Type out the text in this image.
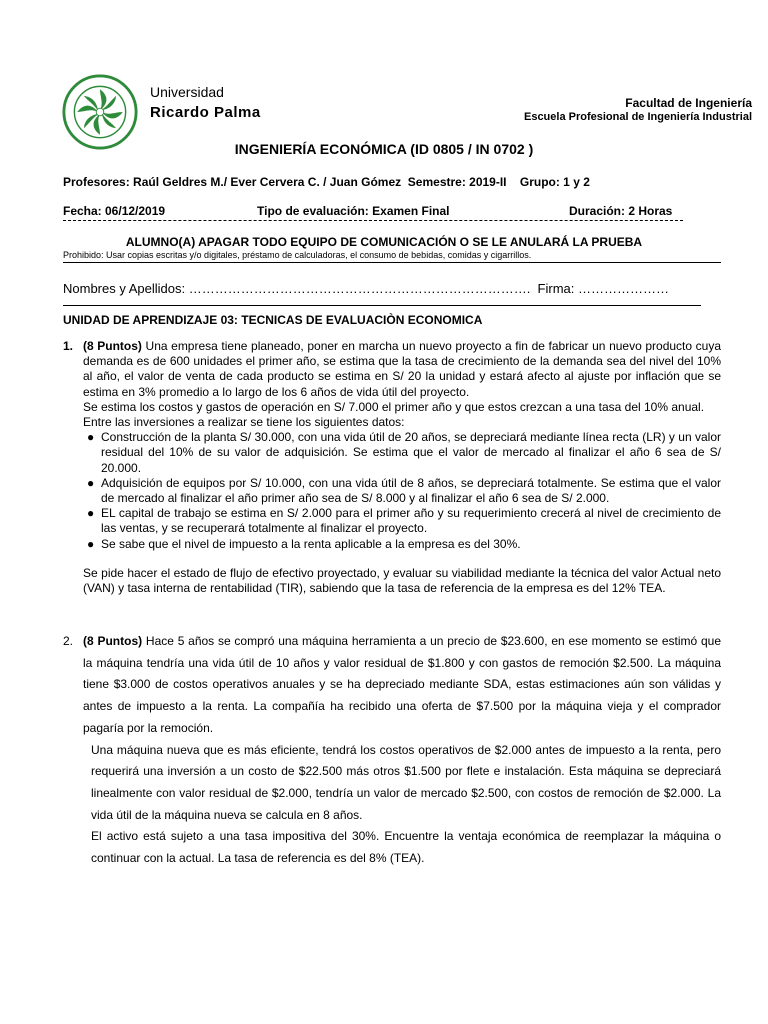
Universidad
Ricardo Palma
Facultad de Ingeniería
Escuela Profesional de Ingeniería Industrial
INGENIERÍA ECONÓMICA (ID 0805 / IN 0702 )
Profesores: Raúl Geldres M./ Ever Cervera C. / Juan Gómez  Semestre: 2019-II    Grupo: 1 y 2
Fecha: 06/12/2019	Tipo de evaluación: Examen Final	Duración: 2 Horas
ALUMNO(A) APAGAR TODO EQUIPO DE COMUNICACIÓN O SE LE ANULARÁ LA PRUEBA
Prohibido: Usar copias escritas y/o digitales, préstamo de calculadoras, el consumo de bebidas, comidas y cigarrillos.
Nombres y Apellidos: …………………………………………………………………….  Firma: …………………
UNIDAD DE APRENDIZAJE 03: TECNICAS DE EVALUACIÒN ECONOMICA
1. (8 Puntos) Una empresa tiene planeado, poner en marcha un nuevo proyecto a fin de fabricar un nuevo producto cuya demanda es de 600 unidades el primer año, se estima que la tasa de crecimiento de la demanda sea del nivel del 10% al año, el valor de venta de cada producto se estima en S/ 20 la unidad y estará afecto al ajuste por inflación que se estima en 3% promedio a lo largo de los 6 años de vida útil del proyecto.
Se estima los costos y gastos de operación en S/ 7.000 el primer año y que estos crezcan a una tasa del 10% anual.
Entre las inversiones a realizar se tiene los siguientes datos:
● Construcción de la planta S/ 30.000, con una vida útil de 20 años, se depreciará mediante línea recta (LR) y un valor residual del 10% de su valor de adquisición. Se estima que el valor de mercado al finalizar el año 6 sea de S/ 20.000.
● Adquisición de equipos por S/ 10.000, con una vida útil de 8 años, se depreciará totalmente. Se estima que el valor de mercado al finalizar el año primer año sea de S/ 8.000 y al finalizar el año 6 sea de S/ 2.000.
● EL capital de trabajo se estima en S/ 2.000 para el primer año y su requerimiento crecerá al nivel de crecimiento de las ventas, y se recuperará totalmente al finalizar el proyecto.
● Se sabe que el nivel de impuesto a la renta aplicable a la empresa es del 30%.
Se pide hacer el estado de flujo de efectivo proyectado, y evaluar su viabilidad mediante la técnica del valor Actual neto (VAN) y tasa interna de rentabilidad (TIR), sabiendo que la tasa de referencia de la empresa es del 12% TEA.
2. (8 Puntos) Hace 5 años se compró una máquina herramienta a un precio de $23.600, en ese momento se estimó que la máquina tendría una vida útil de 10 años y valor residual de $1.800 y con gastos de remoción $2.500. La máquina tiene $3.000 de costos operativos anuales y se ha depreciado mediante SDA, estas estimaciones aún son válidas y antes de impuesto a la renta. La compañía ha recibido una oferta de $7.500 por la máquina vieja y el comprador pagaría por la remoción.
Una máquina nueva que es más eficiente, tendrá los costos operativos de $2.000 antes de impuesto a la renta, pero requerirá una inversión a un costo de $22.500 más otros $1.500 por flete e instalación. Esta máquina se depreciará linealmente con valor residual de $2.000, tendría un valor de mercado $2.500, con costos de remoción de $2.000. La vida útil de la máquina nueva se calcula en 8 años.
El activo está sujeto a una tasa impositiva del 30%. Encuentre la ventaja económica de reemplazar la máquina o continuar con la actual. La tasa de referencia es del 8% (TEA).
